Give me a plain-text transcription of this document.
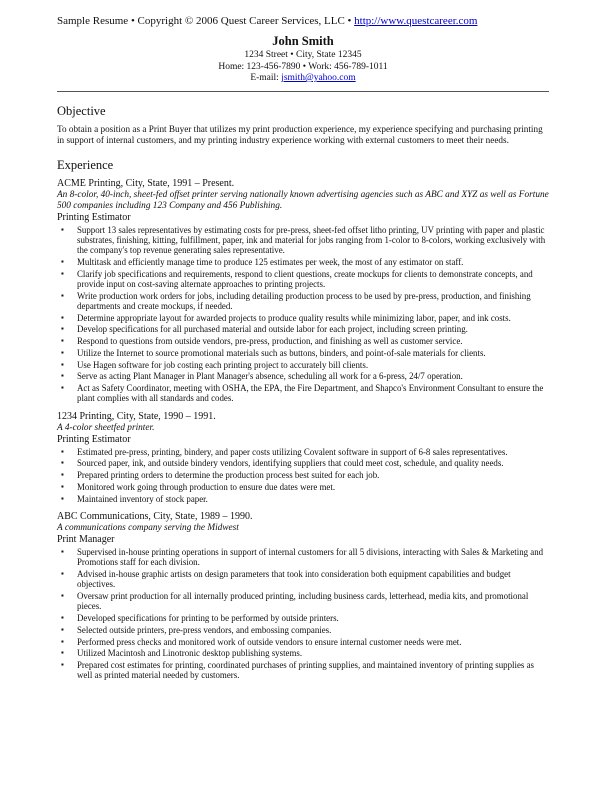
Sample Resume • Copyright © 2006 Quest Career Services, LLC • http://www.questcareer.com
John Smith
1234 Street • City, State 12345
Home: 123-456-7890 • Work: 456-789-1011
E-mail: jsmith@yahoo.com
Objective

To obtain a position as a Print Buyer that utilizes my print production experience, my experience specifying and purchasing printing in support of internal customers, and my printing industry experience working with external customers to meet their needs.

Experience
ACME Printing, City, State, 1991 – Present.
An 8-color, 40-inch, sheet-fed offset printer serving nationally known advertising agencies such as ABC and XYZ as well as Fortune 500 companies including 123 Company and 456 Publishing.
Printing Estimator
▪ Support 13 sales representatives by estimating costs for pre-press, sheet-fed offset litho printing, UV printing with paper and plastic substrates, finishing, kitting, fulfillment, paper, ink and material for jobs ranging from 1-color to 8-colors, working exclusively with the company's top revenue generating sales representative.
▪ Multitask and efficiently manage time to produce 125 estimates per week, the most of any estimator on staff.
▪ Clarify job specifications and requirements, respond to client questions, create mockups for clients to demonstrate concepts, and provide input on cost-saving alternate approaches to printing projects.
▪ Write production work orders for jobs, including detailing production process to be used by pre-press, production, and finishing departments and create mockups, if needed.
▪ Determine appropriate layout for awarded projects to produce quality results while minimizing labor, paper, and ink costs.
▪ Develop specifications for all purchased material and outside labor for each project, including screen printing.
▪ Respond to questions from outside vendors, pre-press, production, and finishing as well as customer service.
▪ Utilize the Internet to source promotional materials such as buttons, binders, and point-of-sale materials for clients.
▪ Use Hagen software for job costing each printing project to accurately bill clients.
▪ Serve as acting Plant Manager in Plant Manager's absence, scheduling all work for a 6-press, 24/7 operation.
▪ Act as Safety Coordinator, meeting with OSHA, the EPA, the Fire Department, and Shapco's Environment Consultant to ensure the plant complies with all standards and codes.
1234 Printing, City, State, 1990 – 1991.
A 4-color sheetfed printer.
Printing Estimator
▪ Estimated pre-press, printing, bindery, and paper costs utilizing Covalent software in support of 6-8 sales representatives.
▪ Sourced paper, ink, and outside bindery vendors, identifying suppliers that could meet cost, schedule, and quality needs.
▪ Prepared printing orders to determine the production process best suited for each job.
▪ Monitored work going through production to ensure due dates were met.
▪ Maintained inventory of stock paper.
ABC Communications, City, State, 1989 – 1990.
A communications company serving the Midwest
Print Manager
▪ Supervised in-house printing operations in support of internal customers for all 5 divisions, interacting with Sales & Marketing and Promotions staff for each division.
▪ Advised in-house graphic artists on design parameters that took into consideration both equipment capabilities and budget objectives.
▪ Oversaw print production for all internally produced printing, including business cards, letterhead, media kits, and promotional pieces.
▪ Developed specifications for printing to be performed by outside printers.
▪ Selected outside printers, pre-press vendors, and embossing companies.
▪ Performed press checks and monitored work of outside vendors to ensure internal customer needs were met.
▪ Utilized Macintosh and Linotronic desktop publishing systems.
▪ Prepared cost estimates for printing, coordinated purchases of printing supplies, and maintained inventory of printing supplies as well as printed material needed by customers.
